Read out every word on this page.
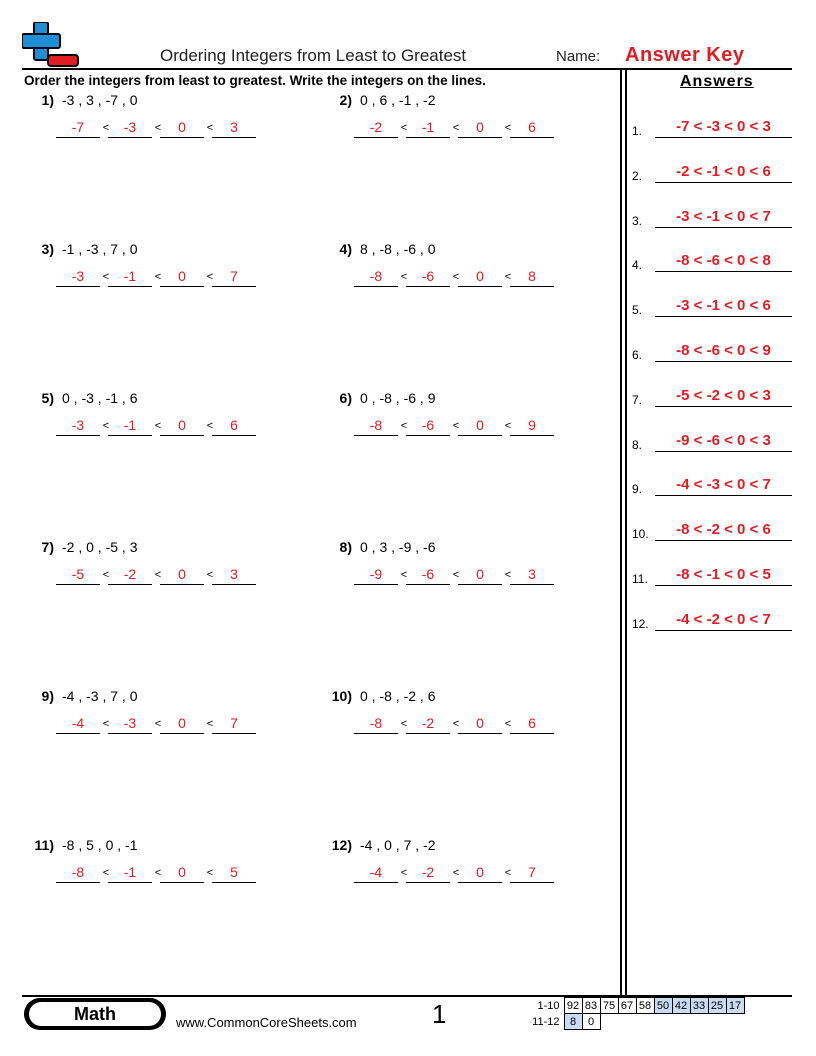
Ordering Integers from Least to Greatest	Name: Answer Key
Order the integers from least to greatest. Write the integers on the lines.	Answers
1) -3 , 3 , -7 , 0
-7	<	-3	<	0	<	3
2) 0 , 6 , -1 , -2
-2	<	-1	<	0	<	6
3) -1 , -3 , 7 , 0
-3	<	-1	<	0	<	7
4) 8 , -8 , -6 , 0
-8	<	-6	<	0	<	8
5) 0 , -3 , -1 , 6
-3	<	-1	<	0	<	6
6) 0 , -8 , -6 , 9
-8	<	-6	<	0	<	9
7) -2 , 0 , -5 , 3
-5	<	-2	<	0	<	3
8) 0 , 3 , -9 , -6
-9	<	-6	<	0	<	3
9) -4 , -3 , 7 , 0
-4	<	-3	<	0	<	7
10) 0 , -8 , -2 , 6
-8	<	-2	<	0	<	6
11) -8 , 5 , 0 , -1
-8	<	-1	<	0	<	5
12) -4 , 0 , 7 , -2
-4	<	-2	<	0	<	7
1.	-7 < -3 < 0 < 3
2.	-2 < -1 < 0 < 6
3.	-3 < -1 < 0 < 7
4.	-8 < -6 < 0 < 8
5.	-3 < -1 < 0 < 6
6.	-8 < -6 < 0 < 9
7.	-5 < -2 < 0 < 3
8.	-9 < -6 < 0 < 3
9.	-4 < -3 < 0 < 7
10.	-8 < -2 < 0 < 6
11.	-8 < -1 < 0 < 5
12.	-4 < -2 < 0 < 7
Math	www.CommonCoreSheets.com	1	1-10	92	83	75	67	58	50	42	33	25	17
11-12	8	0								
